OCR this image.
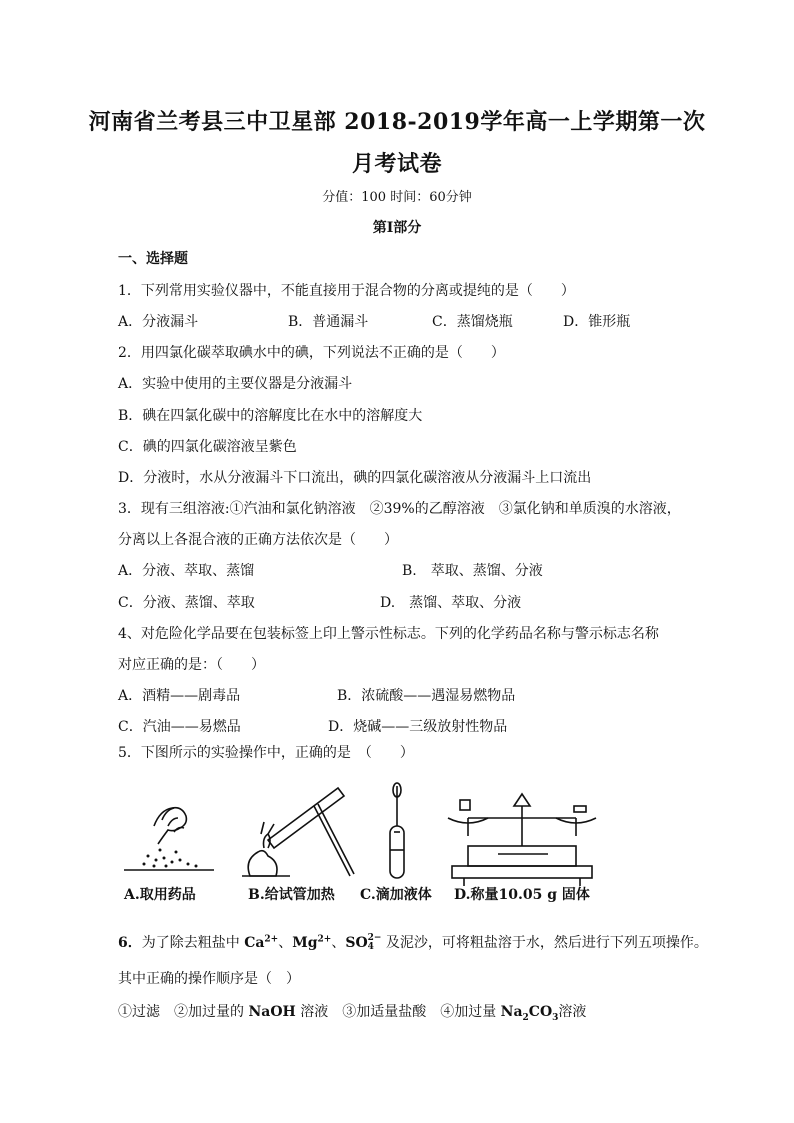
河南省兰考县三中卫星部 2018-2019学年高一上学期第一次
月考试卷
分值：100 时间：60分钟
第Ⅰ部分
一、选择题
1．下列常用实验仪器中，不能直接用于混合物的分离或提纯的是（　　）
A．分液漏斗	B．普通漏斗	C．蒸馏烧瓶	D．锥形瓶
2．用四氯化碳萃取碘水中的碘，下列说法不正确的是（　　）
A．实验中使用的主要仪器是分液漏斗
B．碘在四氯化碳中的溶解度比在水中的溶解度大
C．碘的四氯化碳溶液呈紫色
D．分液时，水从分液漏斗下口流出，碘的四氯化碳溶液从分液漏斗上口流出
3．现有三组溶液:①汽油和氯化钠溶液　②39%的乙醇溶液　③氯化钠和单质溴的水溶液，
分离以上各混合液的正确方法依次是（　　）
A．分液、萃取、蒸馏	B.　萃取、蒸馏、分液
C．分液、蒸馏、萃取	D.　蒸馏、萃取、分液
4、对危险化学品要在包装标签上印上警示性标志。下列的化学药品名称与警示标志名称
对应正确的是：（　　）
A．酒精——剧毒品	B．浓硫酸——遇湿易燃物品
C．汽油——易燃品	D．烧碱——三级放射性物品
5．下图所示的实验操作中，正确的是　（　　）
A.取用药品	B.给试管加热 C.滴加液体 D.称量10.05 g 固体
6．为了除去粗盐中 $Ca^{2+}$、$Mg^{2+}$、SO 2−
4 及泥沙，可将粗盐溶于水，然后进行下列五项操作。
其中正确的操作顺序是（　）
①过滤　②加过量的 NaOH 溶液　③加适量盐酸　④加过量 $Na_2CO_3$溶液
